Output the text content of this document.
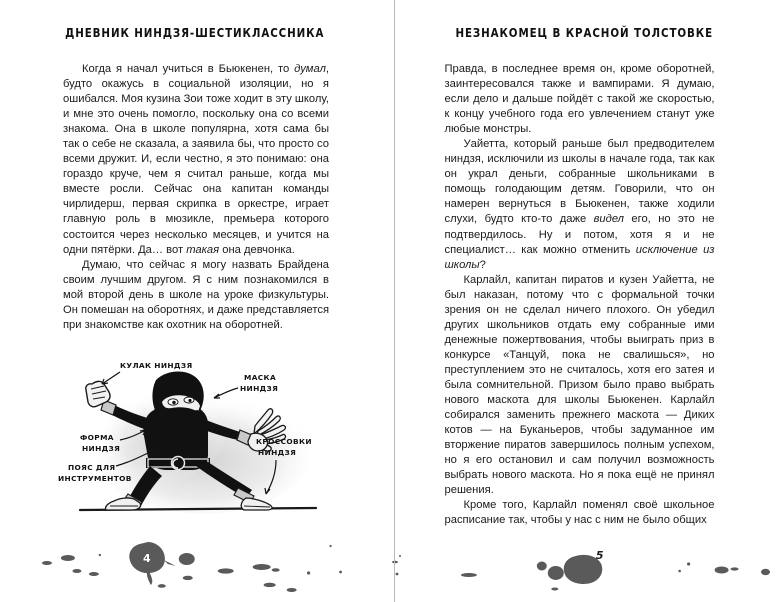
ДНЕВНИК НИНДЗЯ-ШЕСТИКЛАССНИКА

Когда я начал учиться в Бьюкенен, то думал, будто окажусь в социальной изоляции, но я ошибался. Моя кузина Зои тоже ходит в эту школу, и мне это очень помогло, поскольку она со всеми знакома. Она в школе популярна, хотя сама бы так о себе не сказала, а заявила бы, что просто со всеми дружит. И, если честно, я это понимаю: она гораздо круче, чем я считал раньше, когда мы вместе росли. Сейчас она капитан команды чирлидерш, первая скрипка в оркестре, играет главную роль в мюзикле, премьера которого состоится через несколько месяцев, и учится на одни пятёрки. Да… вот такая она девчонка.

Думаю, что сейчас я могу назвать Брайдена своим лучшим другом. Я с ним познакомился в мой второй день в школе на уроке физкультуры. Он помешан на оборотнях, и даже представляется при знакомстве как охотник на оборотней.

КУЛАК НИНДЗЯ
МАСКА
НИНДЗЯ
ФОРМА
НИНДЗЯ
ПОЯС ДЛЯ
ИНСТРУМЕНТОВ
КРОССОВКИ
НИНДЗЯ
4
НЕЗНАКОМЕЦ В КРАСНОЙ ТОЛСТОВКЕ

Правда, в последнее время он, кроме оборотней, заинтересовался также и вампирами. Я думаю, если дело и дальше пойдёт с такой же скоростью, к концу учебного года его увлечением станут уже любые монстры.

Уайетта, который раньше был предводителем ниндзя, исключили из школы в начале года, так как он украл деньги, собранные школьниками в помощь голодающим детям. Говорили, что он намерен вернуться в Бьюкенен, также ходили слухи, будто кто-то даже видел его, но это не подтвердилось. Ну и потом, хотя я и не специалист… как можно отменить исключение из школы?

Карлайл, капитан пиратов и кузен Уайетта, не был наказан, потому что с формальной точки зрения он не сделал ничего плохого. Он убедил других школьников отдать ему собранные ими денежные пожертвования, чтобы выиграть приз в конкурсе «Танцуй, пока не свалишься», но преступлением это не считалось, хотя его затея и была сомнительной. Призом было право выбрать нового маскота для школы Бьюкенен. Карлайл собирался заменить прежнего маскота — Диких котов — на Буканьеров, чтобы задуманное им вторжение пиратов завершилось полным успехом, но я его остановил и сам получил возможность выбрать нового маскота. Но я пока ещё не принял решения.

Кроме того, Карлайл поменял своё школьное расписание так, чтобы у нас с ним не было общих

5
